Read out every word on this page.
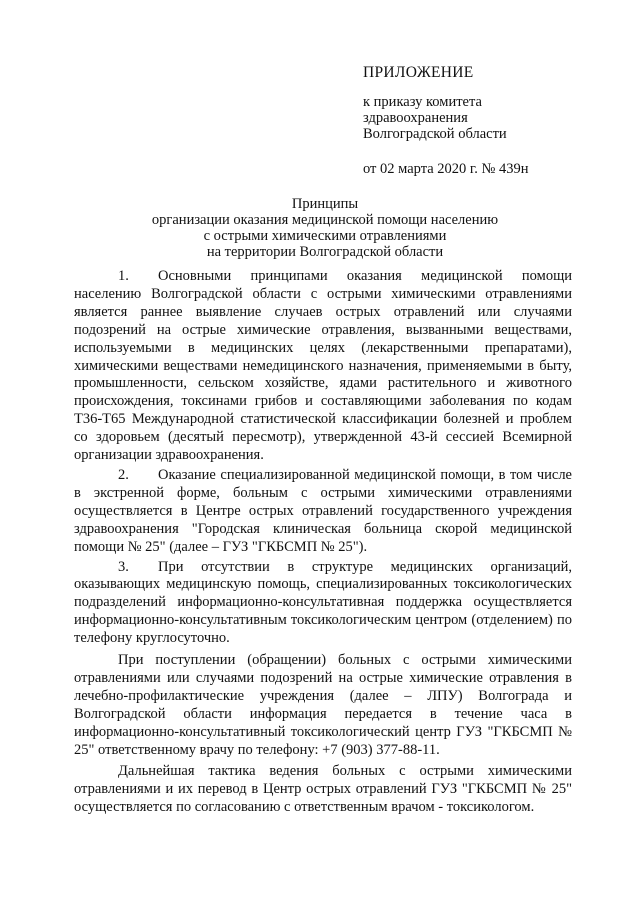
ПРИЛОЖЕНИЕ
к приказу комитета
здравоохранения
Волгоградской области
от 02 марта 2020 г. № 439н
Принципы
организации оказания медицинской помощи населению
с острыми химическими отравлениями
на территории Волгоградской области

1. Основными принципами оказания медицинской помощи населению Волгоградской области с острыми химическими отравлениями является раннее выявление случаев острых отравлений или случаями подозрений на острые химические отравления, вызванными веществами, используемыми в медицинских целях (лекарственными препаратами), химическими веществами немедицинского назначения, применяемыми в быту, промышленности, сельском хозяйстве, ядами растительного и животного происхождения, токсинами грибов и составляющими заболевания по кодам Т36-Т65 Международной статистической классификации болезней и проблем со здоровьем (десятый пересмотр), утвержденной 43-й сессией Всемирной организации здравоохранения.

2. Оказание специализированной медицинской помощи, в том числе в экстренной форме, больным с острыми химическими отравлениями осуществляется в Центре острых отравлений государственного учреждения здравоохранения "Городская клиническая больница скорой медицинской помощи № 25" (далее – ГУЗ "ГКБСМП № 25").

3. При отсутствии в структуре медицинских организаций, оказывающих медицинскую помощь, специализированных токсикологических подразделений информационно-консультативная поддержка осуществляется информационно-консультативным токсикологическим центром (отделением) по телефону круглосуточно.

При поступлении (обращении) больных с острыми химическими отравлениями или случаями подозрений на острые химические отравления в лечебно-профилактические учреждения (далее – ЛПУ) Волгограда и Волгоградской области информация передается в течение часа в информационно-консультативный токсикологический центр ГУЗ "ГКБСМП № 25" ответственному врачу по телефону: +7 (903) 377-88-11.

Дальнейшая тактика ведения больных с острыми химическими отравлениями и их перевод в Центр острых отравлений ГУЗ "ГКБСМП № 25" осуществляется по согласованию с ответственным врачом - токсикологом.
